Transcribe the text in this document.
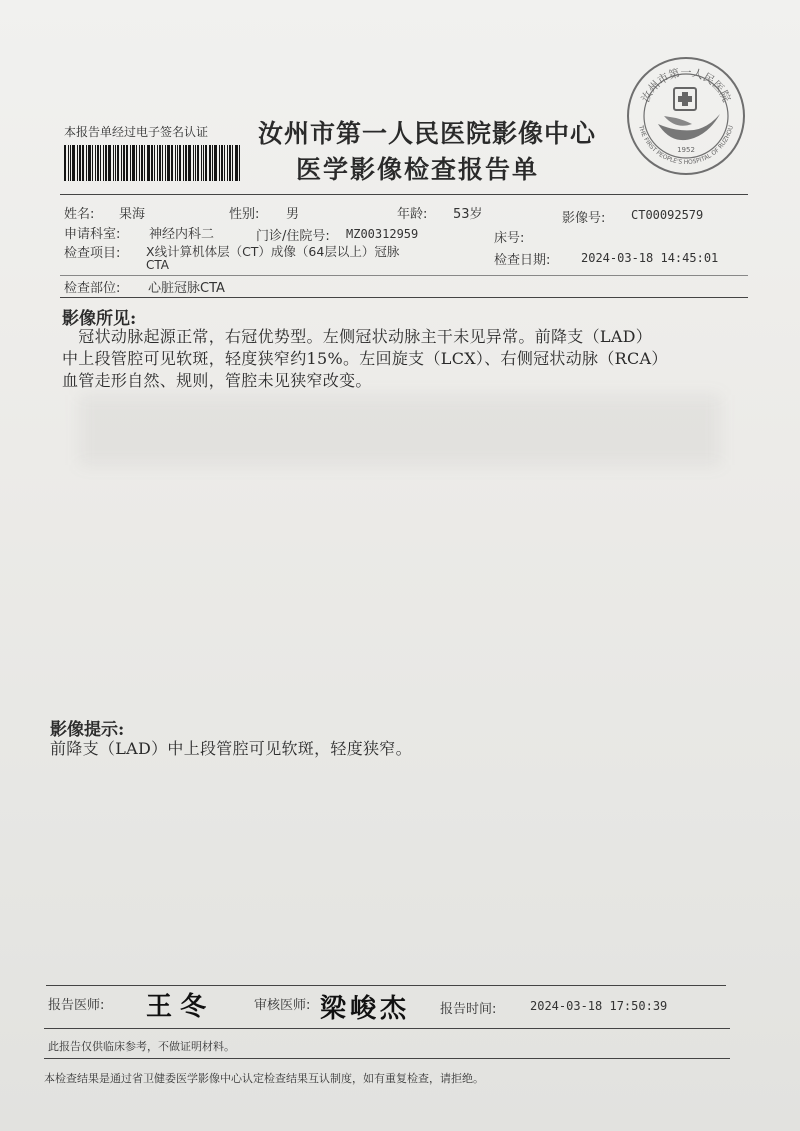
本报告单经过电子签名认证 汝州市第一人民医院影像中心
医学影像检查报告单
汝州市第一人民医院
THE FIRST PEOPLE'S HOSPITAL OF RUZHOU
1952
姓名: 果海	性别: 男	年龄: 53岁	影像号: CT00092579
申请科室: 神经内科二	门诊/住院号: MZ00312959	床号:
检查项目: X线计算机体层（CT）成像（64层以上）冠脉
CTA	检查日期:	2024-03-18 14:45:01
检查部位: 心脏冠脉CTA
影像所见:
　冠状动脉起源正常，右冠优势型。左侧冠状动脉主干未见异常。前降支（LAD）
中上段管腔可见软斑，轻度狭窄约15%。左回旋支（LCX）、右侧冠状动脉（RCA）
血管走形自然、规则，管腔未见狭窄改变。
影像提示:
前降支（LAD）中上段管腔可见软斑，轻度狭窄。
报告医师: 王冬	审核医师: 梁峻杰 报告时间:	2024-03-18 17:50:39
此报告仅供临床参考，不做证明材料。
本检查结果是通过省卫健委医学影像中心认定检查结果互认制度，如有重复检查，请拒绝。
